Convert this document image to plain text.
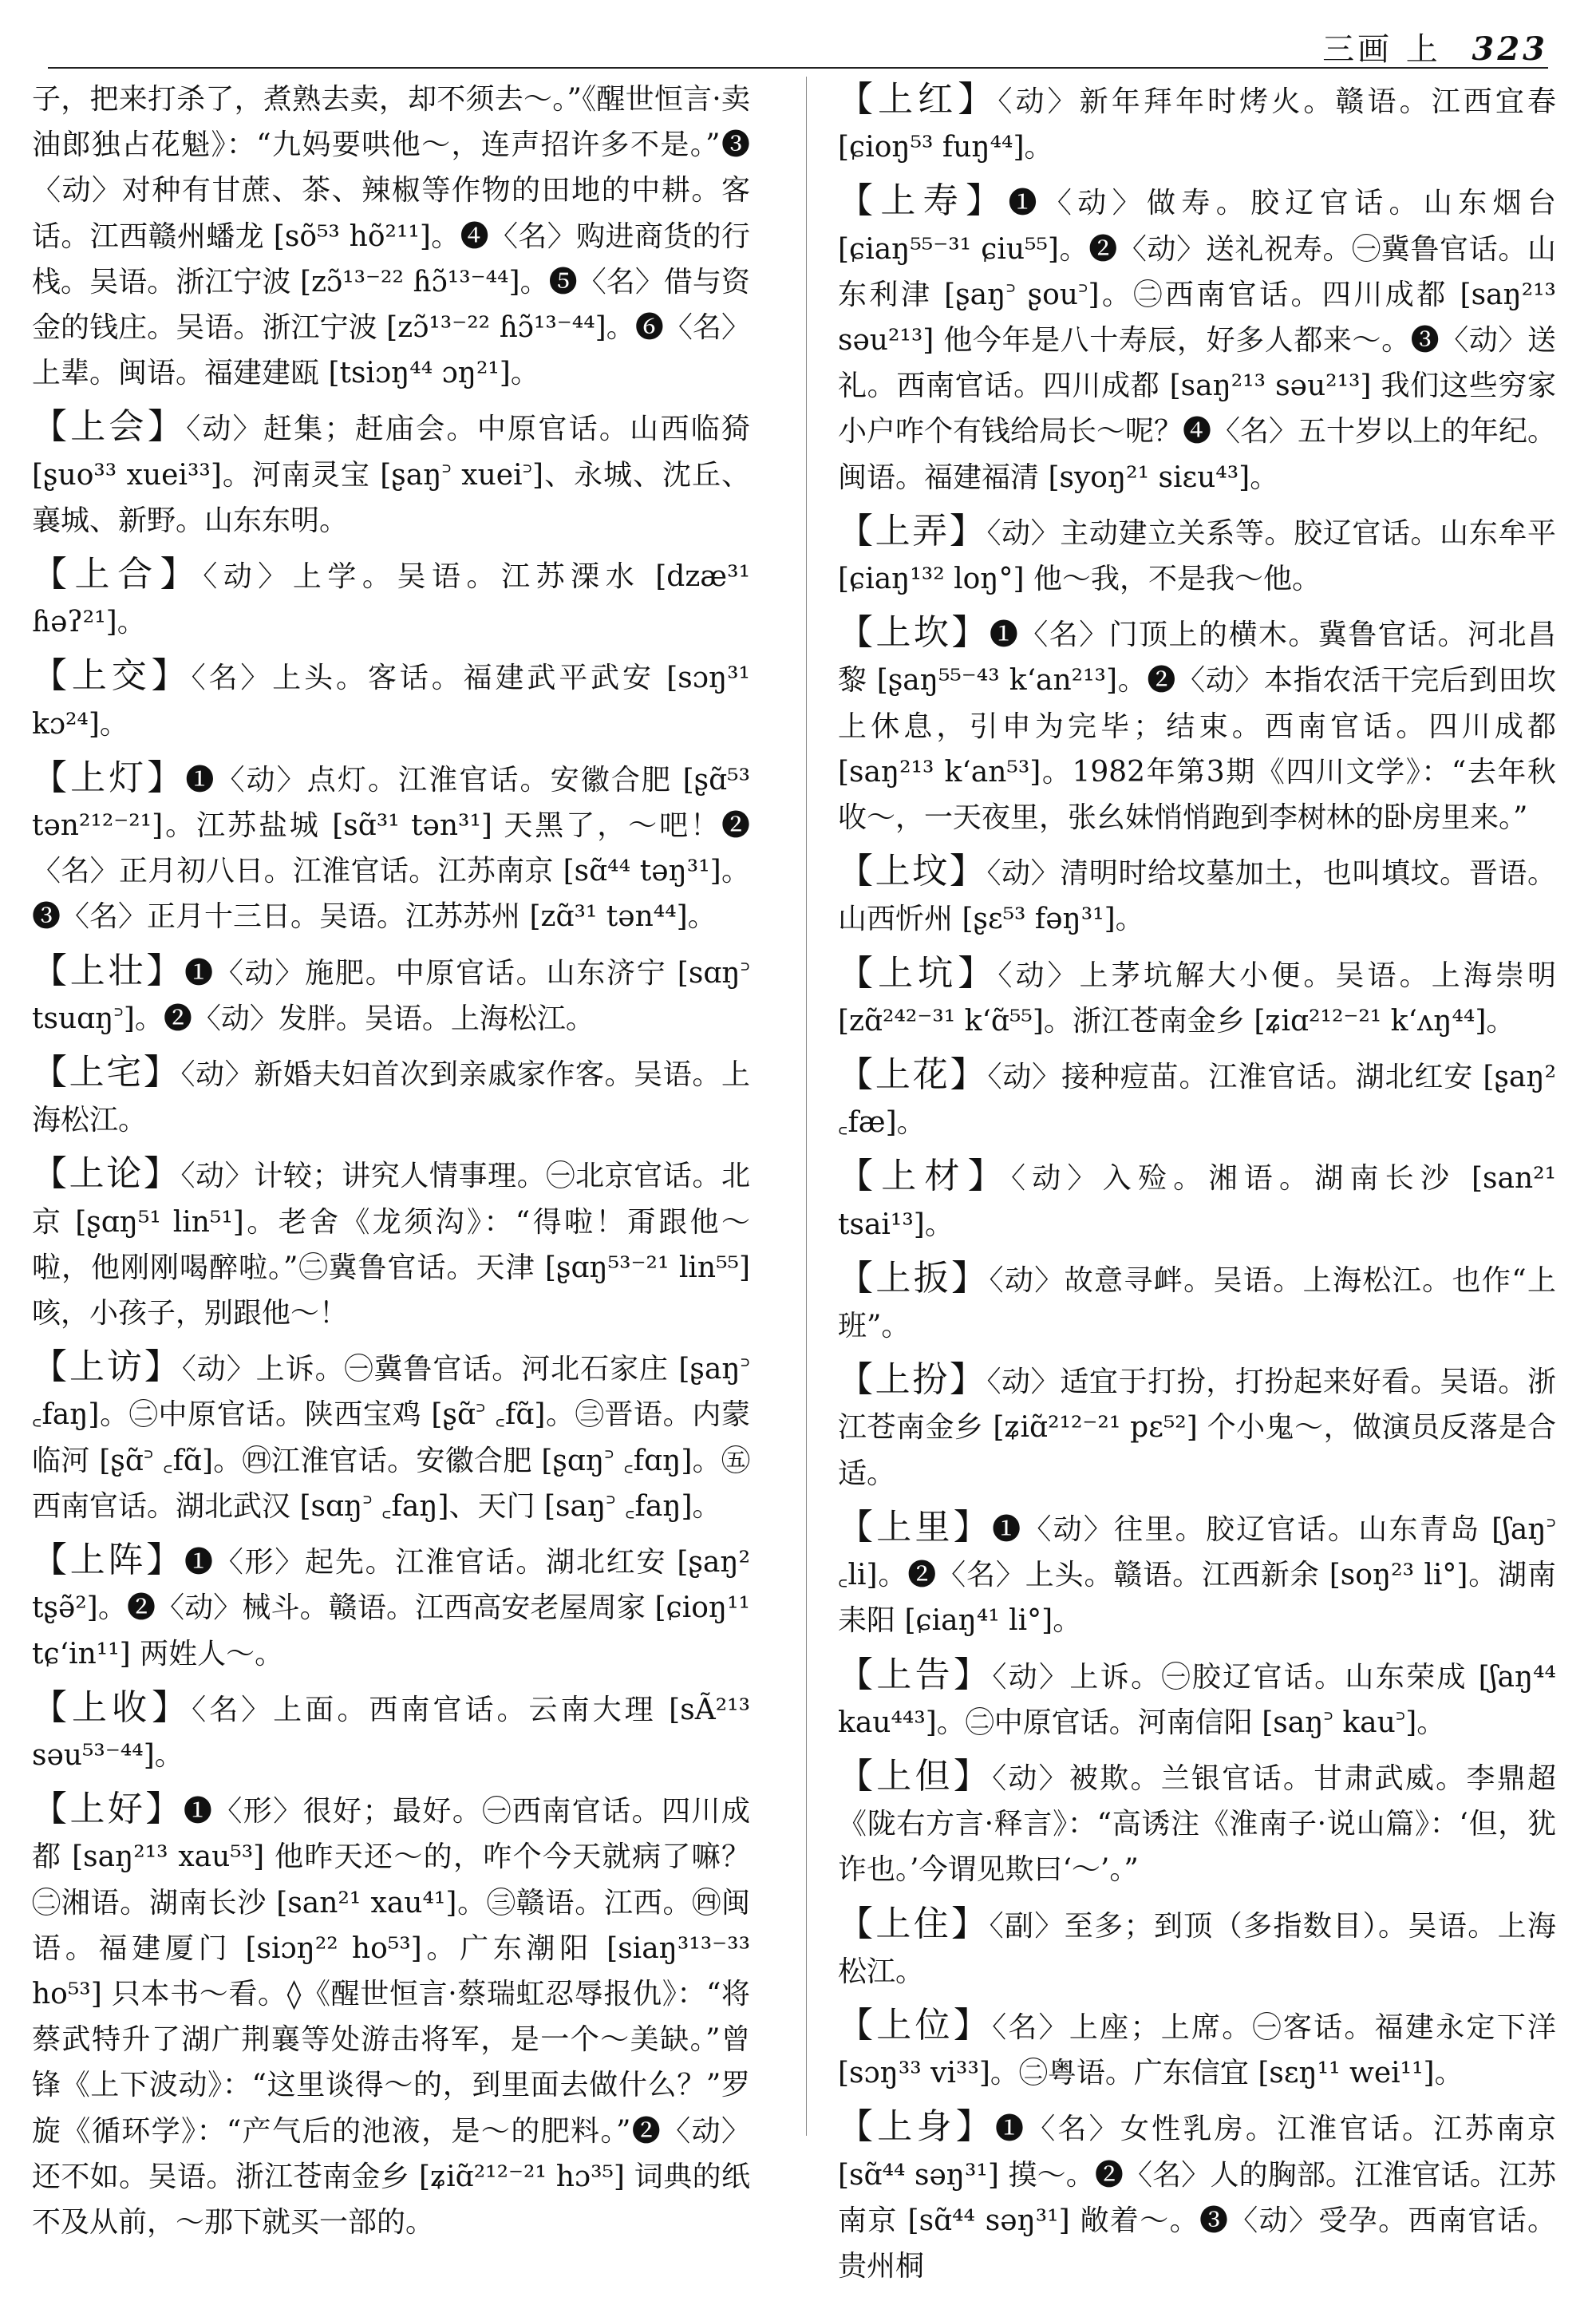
三画 上 323
子，把来打杀了，煮熟去卖，却不须去～。”《醒世恒言·卖油郎独占花魁》：“九妈要哄他～，连声招许多不是。”❸〈动〉对种有甘蔗、茶、辣椒等作物的田地的中耕。客话。江西赣州蟠龙 [sõ⁵³ hõ²¹¹]。❹〈名〉购进商货的行栈。吴语。浙江宁波 [zɔ̃¹³⁻²² ɦɔ̃¹³⁻⁴⁴]。❺〈名〉借与资金的钱庄。吴语。浙江宁波 [zɔ̃¹³⁻²² ɦɔ̃¹³⁻⁴⁴]。❻〈名〉上辈。闽语。福建建瓯 [tsiɔŋ⁴⁴ ɔŋ²¹]。
【上会】〈动〉赶集；赶庙会。中原官话。山西临猗 [ʂuo³³ xuei³³]。河南灵宝 [ʂaŋ꜄ xuei꜄]、永城、沈丘、襄城、新野。山东东明。
【上合】〈动〉上学。吴语。江苏溧水 [dzæ³¹ ɦəʔ²¹]。
【上交】〈名〉上头。客话。福建武平武安 [sɔŋ³¹ kɔ²⁴]。
【上灯】❶〈动〉点灯。江淮官话。安徽合肥 [ʂɑ̃⁵³ tən²¹²⁻²¹]。江苏盐城 [sɑ̃³¹ tən³¹] 天黑了，～吧！❷〈名〉正月初八日。江淮官话。江苏南京 [sɑ̃⁴⁴ təŋ³¹]。❸〈名〉正月十三日。吴语。江苏苏州 [zɑ̃³¹ tən⁴⁴]。
【上壮】❶〈动〉施肥。中原官话。山东济宁 [sɑŋ꜄ tsuɑŋ꜄]。❷〈动〉发胖。吴语。上海松江。
【上宅】〈动〉新婚夫妇首次到亲戚家作客。吴语。上海松江。
【上论】〈动〉计较；讲究人情事理。㊀北京官话。北京 [ʂɑŋ⁵¹ lin⁵¹]。老舍《龙须沟》：“得啦！甭跟他～啦，他刚刚喝醉啦。”㊁冀鲁官话。天津 [ʂɑŋ⁵³⁻²¹ lin⁵⁵] 咳，小孩子，别跟他～！
【上访】〈动〉上诉。㊀冀鲁官话。河北石家庄 [ʂaŋ꜄ ꜀faŋ]。㊁中原官话。陕西宝鸡 [ʂɑ̃꜄ ꜀fɑ̃]。㊂晋语。内蒙临河 [ʂɑ̃꜄ ꜀fɑ̃]。㊃江淮官话。安徽合肥 [ʂɑŋ꜄ ꜀fɑŋ]。㊄西南官话。湖北武汉 [sɑŋ꜄ ꜀faŋ]、天门 [saŋ꜄ ꜀faŋ]。
【上阵】❶〈形〉起先。江淮官话。湖北红安 [ʂaŋ² tʂə̃²]。❷〈动〉械斗。赣语。江西高安老屋周家 [ɕioŋ¹¹ tɕʻin¹¹] 两姓人～。
【上收】〈名〉上面。西南官话。云南大理 [sÃ²¹³ səu⁵³⁻⁴⁴]。
【上好】❶〈形〉很好；最好。㊀西南官话。四川成都 [saŋ²¹³ xau⁵³] 他昨天还～的，咋个今天就病了嘛？㊁湘语。湖南长沙 [san²¹ xau⁴¹]。㊂赣语。江西。㊃闽语。福建厦门 [siɔŋ²² ho⁵³]。广东潮阳 [siaŋ³¹³⁻³³ ho⁵³] 只本书～看。◊《醒世恒言·蔡瑞虹忍辱报仇》：“将蔡武特升了湖广荆襄等处游击将军，是一个～美缺。”曾锋《上下波动》：“这里谈得～的，到里面去做什么？”罗旋《循环学》：“产气后的池液，是～的肥料。”❷〈动〉还不如。吴语。浙江苍南金乡 [ʑiɑ̃²¹²⁻²¹ hɔ³⁵] 词典的纸不及从前，～那下就买一部的。
【上红】〈动〉新年拜年时烤火。赣语。江西宜春 [ɕioŋ⁵³ fuŋ⁴⁴]。
【上寿】❶〈动〉做寿。胶辽官话。山东烟台 [ɕiaŋ⁵⁵⁻³¹ ɕiu⁵⁵]。❷〈动〉送礼祝寿。㊀冀鲁官话。山东利津 [ʂaŋ꜄ ʂou꜄]。㊁西南官话。四川成都 [saŋ²¹³ səu²¹³] 他今年是八十寿辰，好多人都来～。❸〈动〉送礼。西南官话。四川成都 [saŋ²¹³ səu²¹³] 我们这些穷家小户咋个有钱给局长～呢？❹〈名〉五十岁以上的年纪。闽语。福建福清 [syoŋ²¹ siɛu⁴³]。
【上弄】〈动〉主动建立关系等。胶辽官话。山东牟平 [ɕiaŋ¹³² loŋ°] 他～我，不是我～他。
【上坎】❶〈名〉门顶上的横木。冀鲁官话。河北昌黎 [ʂaŋ⁵⁵⁻⁴³ kʻan²¹³]。❷〈动〉本指农活干完后到田坎上休息，引申为完毕；结束。西南官话。四川成都 [saŋ²¹³ kʻan⁵³]。1982年第3期《四川文学》：“去年秋收～，一天夜里，张幺妹悄悄跑到李树林的卧房里来。”
【上坟】〈动〉清明时给坟墓加土，也叫填坟。晋语。山西忻州 [ʂɛ⁵³ fəŋ³¹]。
【上坑】〈动〉上茅坑解大小便。吴语。上海崇明 [zɑ̃²⁴²⁻³¹ kʻɑ̃⁵⁵]。浙江苍南金乡 [ʑiɑ²¹²⁻²¹ kʻʌŋ⁴⁴]。
【上花】〈动〉接种痘苗。江淮官话。湖北红安 [ʂaŋ² ꜀fæ]。
【上材】〈动〉入殓。湘语。湖南长沙 [san²¹ tsai¹³]。
【上扳】〈动〉故意寻衅。吴语。上海松江。也作“上班”。
【上扮】〈动〉适宜于打扮，打扮起来好看。吴语。浙江苍南金乡 [ʑiɑ̃²¹²⁻²¹ pɛ⁵²] 个小鬼～，做演员反落是合适。
【上里】❶〈动〉往里。胶辽官话。山东青岛 [ʃaŋ꜄ ꜀li]。❷〈名〉上头。赣语。江西新余 [soŋ²³ li°]。湖南耒阳 [ɕiaŋ⁴¹ li°]。
【上告】〈动〉上诉。㊀胶辽官话。山东荣成 [ʃaŋ⁴⁴ kau⁴⁴³]。㊁中原官话。河南信阳 [saŋ꜄ kau꜄]。
【上但】〈动〉被欺。兰银官话。甘肃武威。李鼎超《陇右方言·释言》：“高诱注《淮南子·说山篇》：‘但，犹诈也。’今谓见欺曰‘～’。”
【上住】〈副〉至多；到顶（多指数目）。吴语。上海松江。
【上位】〈名〉上座；上席。㊀客话。福建永定下洋 [sɔŋ³³ vi³³]。㊁粤语。广东信宜 [sɛŋ¹¹ wei¹¹]。
【上身】❶〈名〉女性乳房。江淮官话。江苏南京 [sɑ̃⁴⁴ səŋ³¹] 摸～。❷〈名〉人的胸部。江淮官话。江苏南京 [sɑ̃⁴⁴ səŋ³¹] 敞着～。❸〈动〉受孕。西南官话。贵州桐
